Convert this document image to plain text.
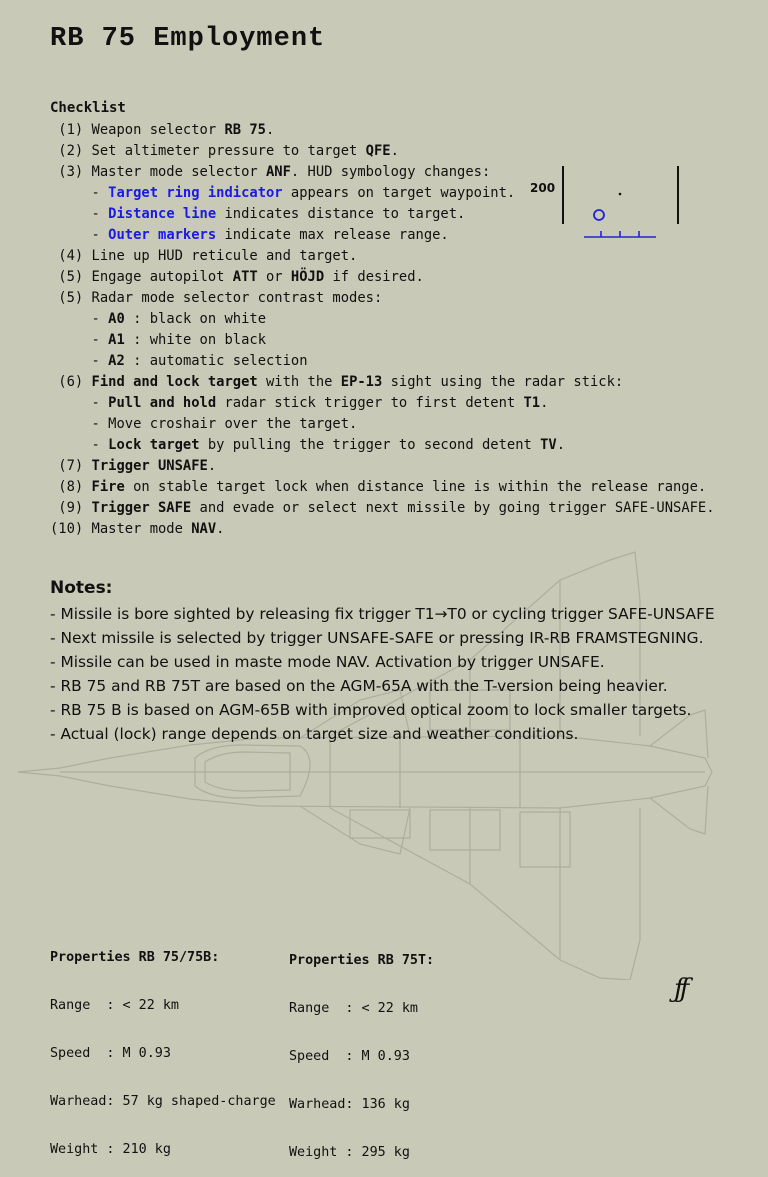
RB 75 Employment
Checklist
(1) Weapon selector RB 75.
(2) Set altimeter pressure to target QFE.
(3) Master mode selector ANF. HUD symbology changes:
- Target ring indicator appears on target waypoint.
- Distance line indicates distance to target.
- Outer markers indicate max release range.
(4) Line up HUD reticule and target.
(5) Engage autopilot ATT or HÖJD if desired.
(5) Radar mode selector contrast modes:
- A0 : black on white
- A1 : white on black
- A2 : automatic selection
(6) Find and lock target with the EP-13 sight using the radar stick:
- Pull and hold radar stick trigger to first detent T1.
- Move croshair over the target.
- Lock target by pulling the trigger to second detent TV.
(7) Trigger UNSAFE.
(8) Fire on stable target lock when distance line is within the release range.
(9) Trigger SAFE and evade or select next missile by going trigger SAFE-UNSAFE.
(10) Master mode NAV.
200
Notes:
- Missile is bore sighted by releasing fix trigger T1→T0 or cycling trigger SAFE-UNSAFE
- Next missile is selected by trigger UNSAFE-SAFE or pressing IR-RB FRAMSTEGNING.
- Missile can be used in maste mode NAV. Activation by trigger UNSAFE.
- RB 75 and RB 75T are based on the AGM-65A with the T-version being heavier.
- RB 75 B is based on AGM-65B with improved optical zoom to lock smaller targets.
- Actual (lock) range depends on target size and weather conditions.

Properties RB 75/75B:

Range  : < 22 km

Speed  : M 0.93

Warhead: 57 kg shaped-charge

Weight : 210 kg

Properties RB 75T:

Range  : < 22 km

Speed  : M 0.93

Warhead: 136 kg

Weight : 295 kg

ƒƒ
